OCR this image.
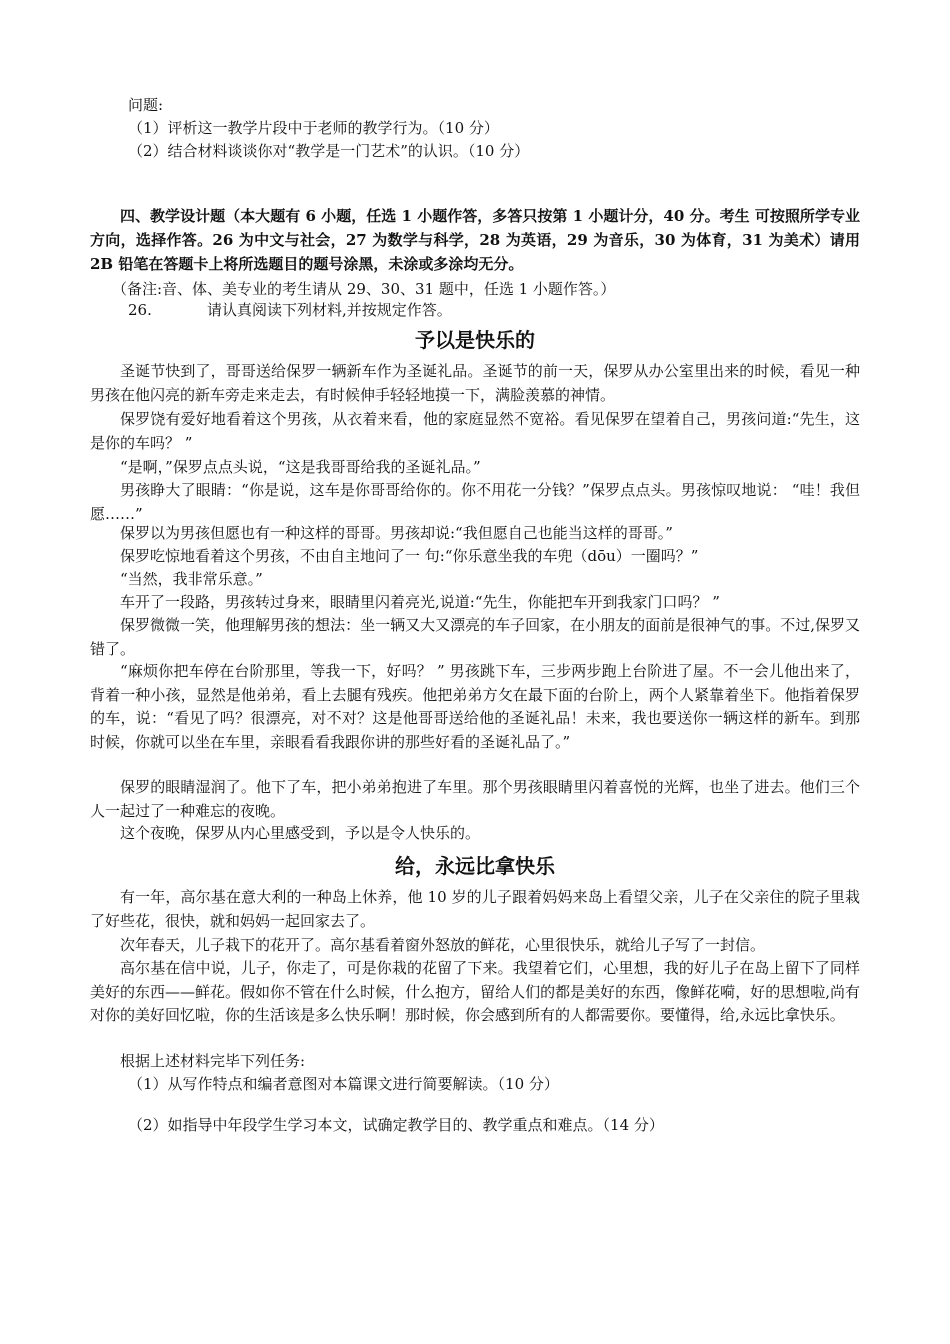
问题:
（1）评析这一教学片段中于老师的教学行为。（10 分）
（2）结合材料谈谈你对“教学是一门艺术”的认识。（10 分）

四、教学设计题（本大题有 6 小题，任选 1 小题作答，多答只按第 1 小题计分，40 分。考生 可按照所学专业方向，选择作答。26 为中文与社会，27 为数学与科学，28 为英语，29 为音乐，30 为体育，31 为美术）请用 2B 铅笔在答题卡上将所选题目的题号涂黑，未涂或多涂均无分。

（备注:音、体、美专业的考生请从 29、30、31 题中，任选 1 小题作答。）
26.	请认真阅读下列材料,并按规定作答。
予以是快乐的

圣诞节快到了，哥哥送给保罗一辆新车作为圣诞礼品。圣诞节的前一天，保罗从办公室里出来的时候，看见一种男孩在他闪亮的新车旁走来走去，有时候伸手轻轻地摸一下，满脸羡慕的神情。

保罗饶有爱好地看着这个男孩，从衣着来看，他的家庭显然不宽裕。看见保罗在望着自己，男孩问道:“先生，这是你的车吗？ ”

“是啊，”保罗点点头说，“这是我哥哥给我的圣诞礼品。”

男孩睁大了眼睛：“你是说，这车是你哥哥给你的。你不用花一分钱？”保罗点点头。男孩惊叹地说： “哇！我但愿……”

保罗以为男孩但愿也有一种这样的哥哥。男孩却说:“我但愿自己也能当这样的哥哥。”

保罗吃惊地看着这个男孩，不由自主地问了一 句:“你乐意坐我的车兜（dōu）一圈吗？”

“当然，我非常乐意。”

车开了一段路，男孩转过身来，眼睛里闪着亮光,说道:“先生，你能把车开到我家门口吗？ ”

保罗微微一笑，他理解男孩的想法：坐一辆又大又漂亮的车子回家，在小朋友的面前是很神气的事。不过,保罗又错了。

“麻烦你把车停在台阶那里，等我一下，好吗？ ” 男孩跳下车，三步两步跑上台阶进了屋。不一会儿他出来了，背着一种小孩，显然是他弟弟，看上去腿有残疾。他把弟弟方攵在最下面的台阶上，两个人紧靠着坐下。他指着保罗的车，说：“看见了吗？很漂亮，对不对？这是他哥哥送给他的圣诞礼品！未来，我也要送你一辆这样的新车。到那时候，你就可以坐在车里，亲眼看看我跟你讲的那些好看的圣诞礼品了。”

保罗的眼睛湿润了。他下了车，把小弟弟抱进了车里。那个男孩眼睛里闪着喜悦的光辉，也坐了进去。他们三个人一起过了一种难忘的夜晚。

这个夜晚，保罗从内心里感受到，予以是令人快乐的。

给，永远比拿快乐

有一年，高尔基在意大利的一种岛上休养，他 10 岁的儿子跟着妈妈来岛上看望父亲，儿子在父亲住的院子里栽了好些花，很快，就和妈妈一起回家去了。

次年春天，儿子栽下的花开了。高尔基看着窗外怒放的鲜花，心里很快乐，就给儿子写了一封信。

高尔基在信中说，儿子，你走了，可是你栽的花留了下来。我望着它们，心里想，我的好儿子在岛上留下了同样美好的东西——鲜花。假如你不管在什么时候，什么抱方，留给人们的都是美好的东西，像鲜花嗬，好的思想啦,尚有对你的美好回忆啦，你的生活该是多么快乐啊！那时候，你会感到所有的人都需要你。要懂得，给,永远比拿快乐。

根据上述材料完毕下列任务:

（1）从写作特点和编者意图对本篇课文进行简要解读。（10 分）
（2）如指导中年段学生学习本文，试确定教学目的、教学重点和难点。（14 分）
